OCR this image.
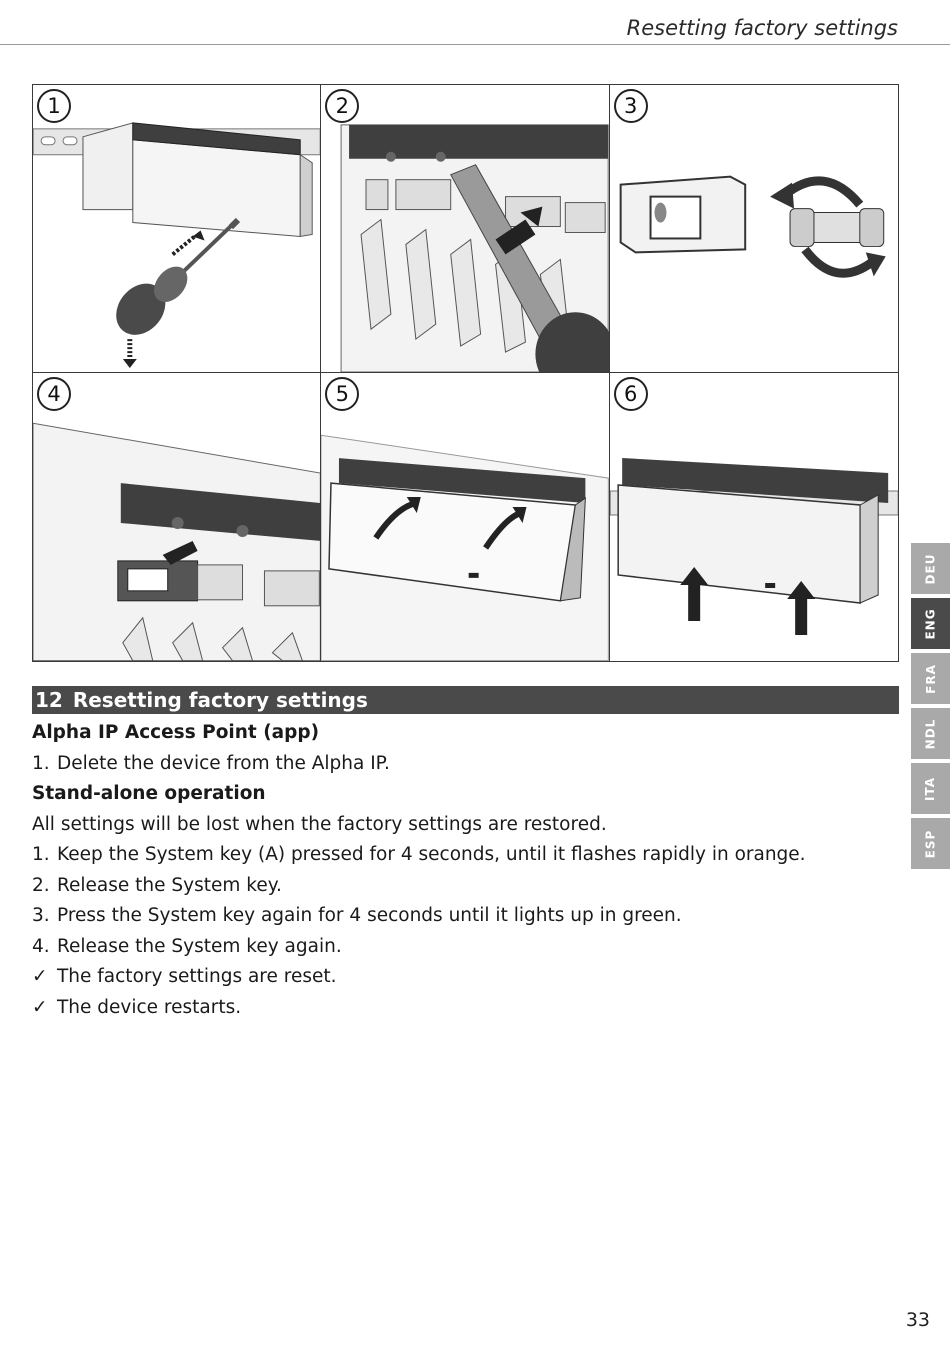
Resetting factory settings
1	2	3
4	5	6
12 Resetting factory settings
Alpha IP Access Point (app)
1. Delete the device from the Alpha IP.
Stand-alone operation
All settings will be lost when the factory settings are restored.
1. Keep the System key (A) pressed for 4 seconds, until it flashes rapidly in orange.
2. Release the System key.
3. Press the System key again for 4 seconds until it lights up in green.
4. Release the System key again.
✓ The factory settings are reset.
✓ The device restarts.
DEU
ENG
FRA
NDL
ITA
ESP
33
